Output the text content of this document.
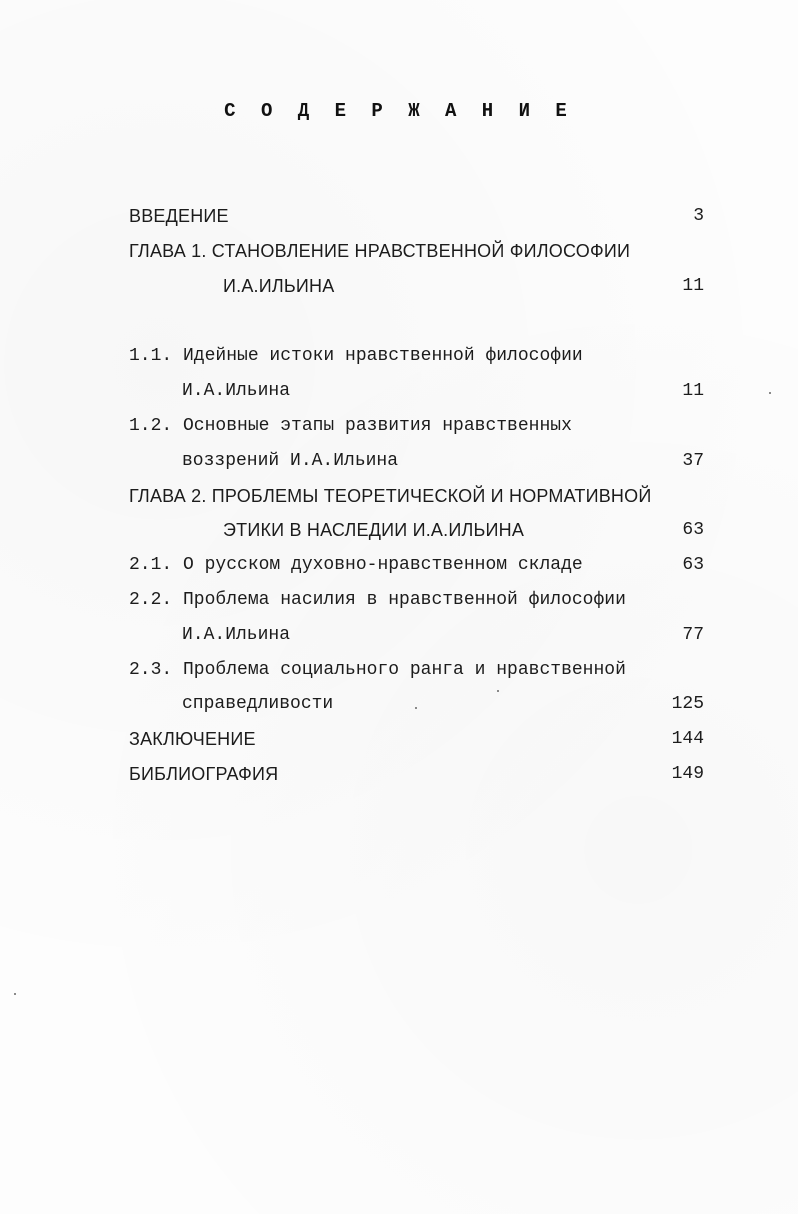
С О Д Е Р Ж А Н И Е
ВВЕДЕНИЕ	3
ГЛАВА 1. СТАНОВЛЕНИЕ НРАВСТВЕННОЙ ФИЛОСОФИИ
И.А.ИЛЬИНА	11
1.1. Идейные истоки нравственной философии
И.А.Ильина	11
1.2. Основные этапы развития нравственных
воззрений И.А.Ильина	37
ГЛАВА 2. ПРОБЛЕМЫ ТЕОРЕТИЧЕСКОЙ И НОРМАТИВНОЙ
ЭТИКИ В НАСЛЕДИИ И.А.ИЛЬИНА	63
2.1. О русском духовно-нравственном складе	63
2.2. Проблема насилия в нравственной философии
И.А.Ильина	77
2.3. Проблема социального ранга и нравственной
справедливости	125
ЗАКЛЮЧЕНИЕ	144
БИБЛИОГРАФИЯ	149
